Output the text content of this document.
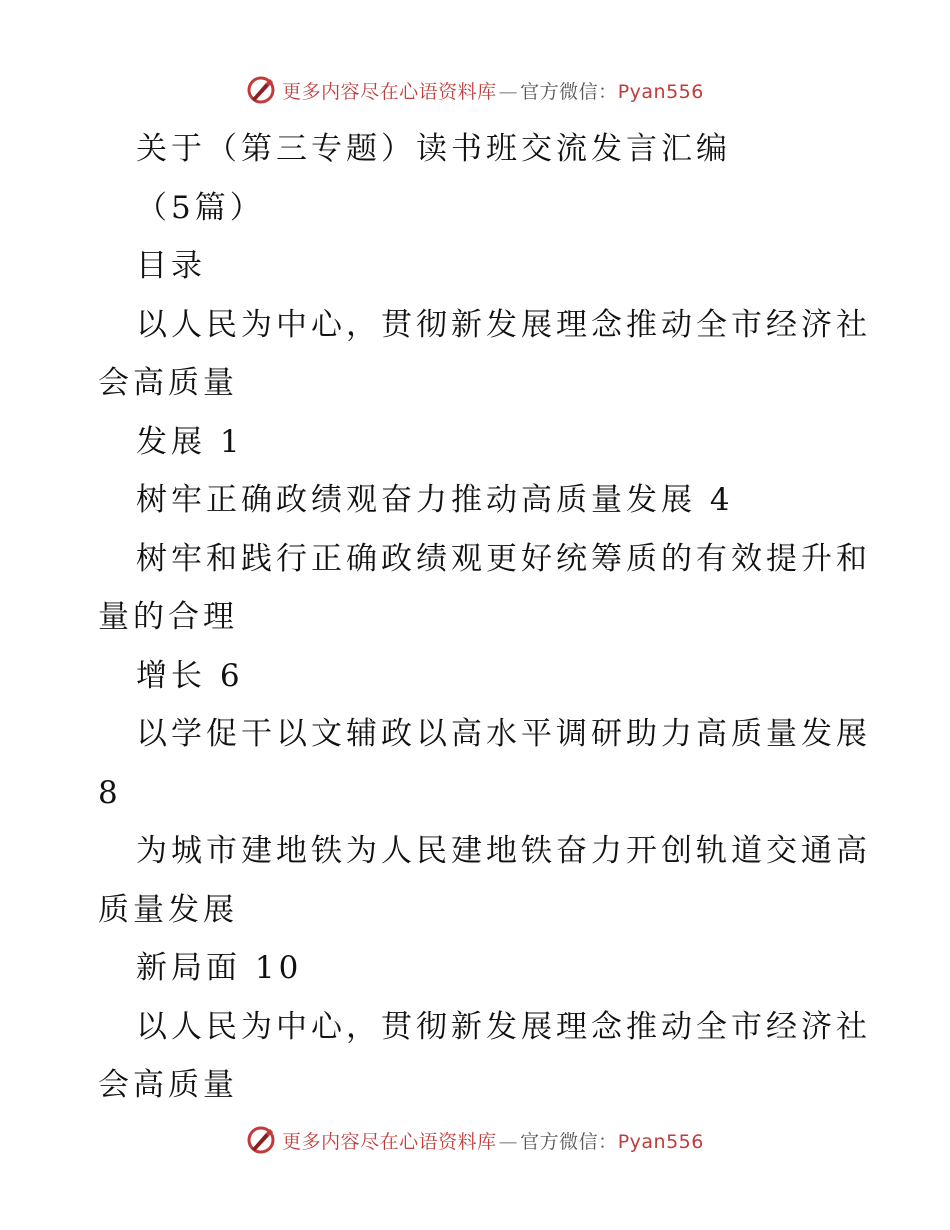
更多内容尽在心语资料库 — 官方微信：Pyan556
关于（第三专题）读书班交流发言汇编
（5篇）
目录
以人民为中心，贯彻新发展理念推动全市经济社
会高质量
发展 1
树牢正确政绩观奋力推动高质量发展 4
树牢和践行正确政绩观更好统筹质的有效提升和
量的合理
增长 6
以学促干以文辅政以高水平调研助力高质量发展
8
为城市建地铁为人民建地铁奋力开创轨道交通高
质量发展
新局面 10
以人民为中心，贯彻新发展理念推动全市经济社
会高质量
更多内容尽在心语资料库 — 官方微信：Pyan556
